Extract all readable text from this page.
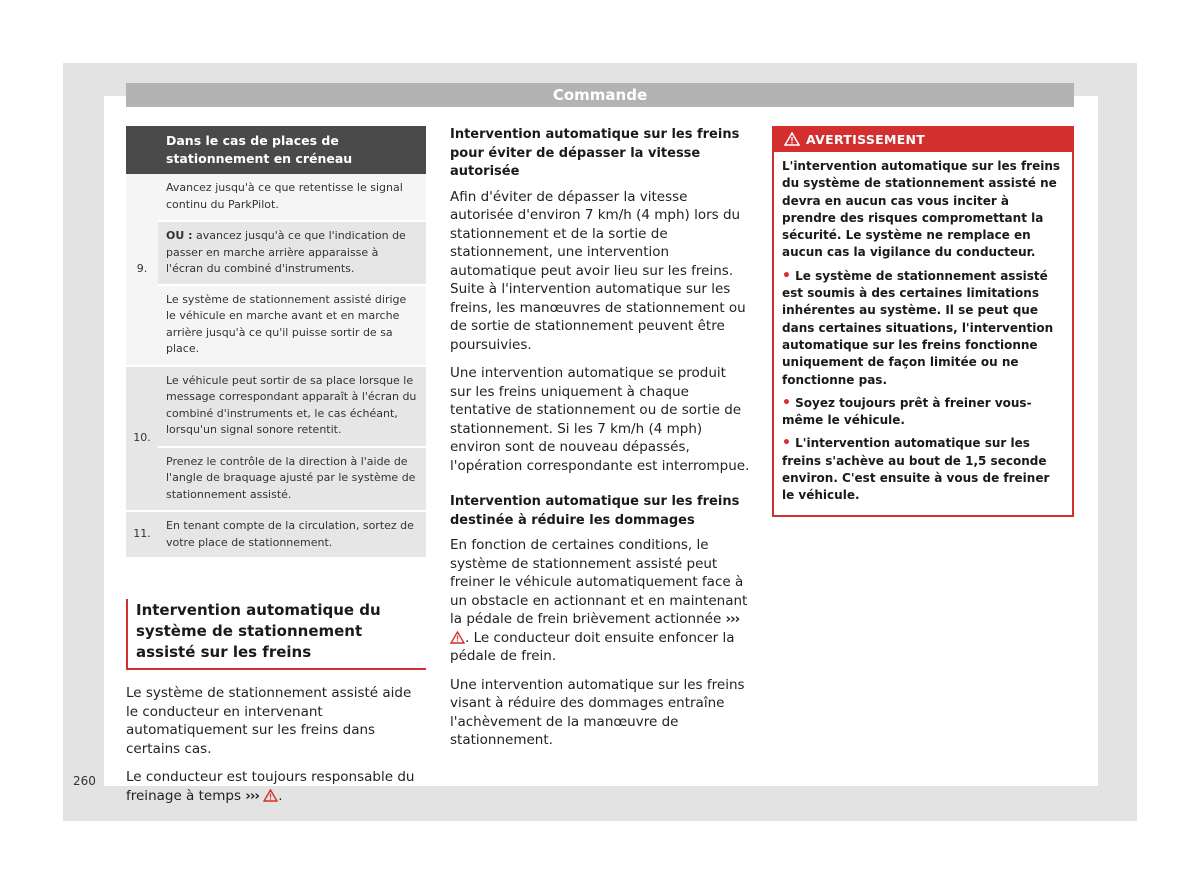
Commande
	Dans le cas de places de stationnement en créneau
9.	Avancez jusqu'à ce que retentisse le signal continu du ParkPilot.
	OU : avancez jusqu'à ce que l'indication de passer en marche arrière apparaisse à l'écran du combiné d'instruments.
	Le système de stationnement assisté dirige le véhicule en marche avant et en marche arrière jusqu'à ce qu'il puisse sortir de sa place.
10.	Le véhicule peut sortir de sa place lorsque le message correspondant apparaît à l'écran du combiné d'instruments et, le cas échéant, lorsqu'un signal sonore retentit.
	Prenez le contrôle de la direction à l'aide de l'angle de braquage ajusté par le système de stationnement assisté.
11.	En tenant compte de la circulation, sortez de votre place de stationnement.
Intervention automatique du système de stationnement assisté sur les freins

Le système de stationnement assisté aide le conducteur en intervenant automatiquement sur les freins dans certains cas.

Le conducteur est toujours responsable du freinage à temps ››› .

Intervention automatique sur les freins pour éviter de dépasser la vitesse autorisée

Afin d'éviter de dépasser la vitesse autorisée d'environ 7 km/h (4 mph) lors du stationnement et de la sortie de stationnement, une intervention automatique peut avoir lieu sur les freins. Suite à l'intervention automatique sur les freins, les manœuvres de stationnement ou de sortie de stationnement peuvent être poursuivies.

Une intervention automatique se produit sur les freins uniquement à chaque tentative de stationnement ou de sortie de stationnement. Si les 7 km/h (4 mph) environ sont de nouveau dépassés, l'opération correspondante est interrompue.

Intervention automatique sur les freins destinée à réduire les dommages

En fonction de certaines conditions, le système de stationnement assisté peut freiner le véhicule automatiquement face à un obstacle en actionnant et en maintenant la pédale de frein brièvement actionnée ››› . Le conducteur doit ensuite enfoncer la pédale de frein.

Une intervention automatique sur les freins visant à réduire des dommages entraîne l'achèvement de la manœuvre de stationnement.

AVERTISSEMENT

L'intervention automatique sur les freins du système de stationnement assisté ne devra en aucun cas vous inciter à prendre des risques compromettant la sécurité. Le système ne remplace en aucun cas la vigilance du conducteur.

• Le système de stationnement assisté est soumis à des certaines limitations inhérentes au système. Il se peut que dans certaines situations, l'intervention automatique sur les freins fonctionne uniquement de façon limitée ou ne fonctionne pas.

• Soyez toujours prêt à freiner vous-même le véhicule.

• L'intervention automatique sur les freins s'achève au bout de 1,5 seconde environ. C'est ensuite à vous de freiner le véhicule.

260
